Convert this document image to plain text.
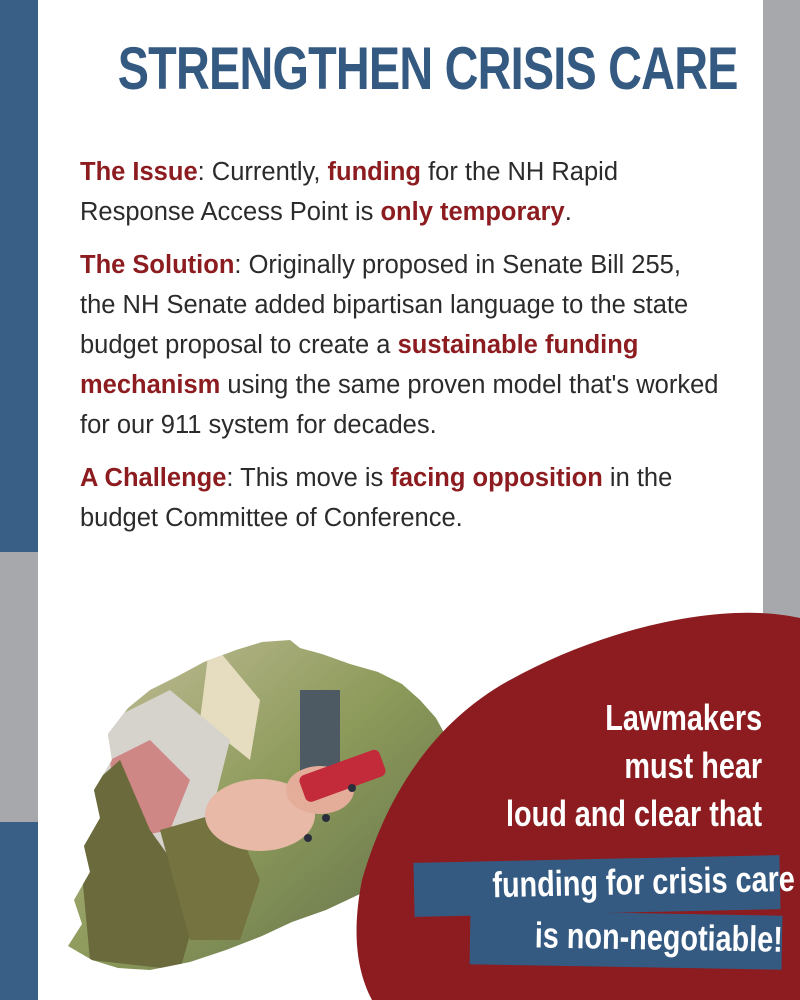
STRENGTHEN CRISIS CARE

The Issue: Currently, funding for the NH Rapid Response Access Point is only temporary.

The Solution: Originally proposed in Senate Bill 255, the NH Senate added bipartisan language to the state budget proposal to create a sustainable funding mechanism using the same proven model that's worked for our 911 system for decades.

A Challenge: This move is facing opposition in the budget Committee of Conference.

Lawmakers
must hear
loud and clear that
funding for crisis care
is non-negotiable!
